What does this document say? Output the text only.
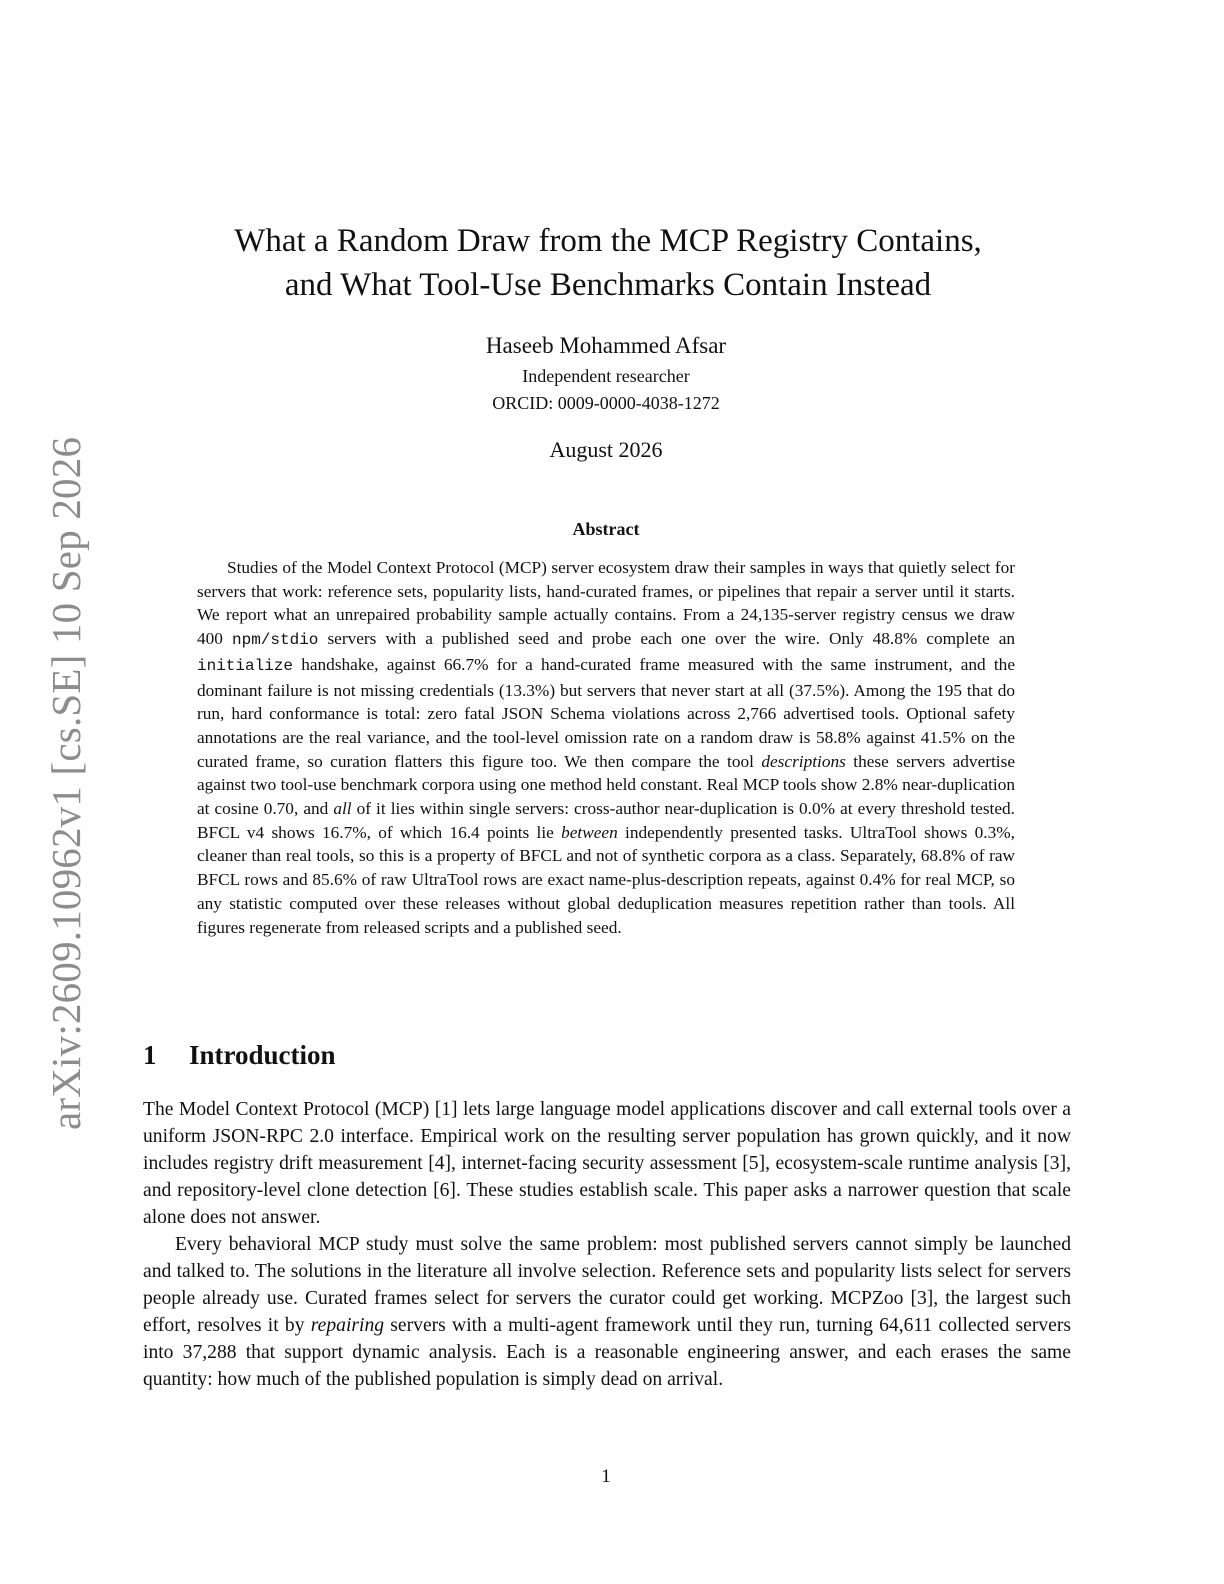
arXiv:2609.10962v1 [cs.SE] 10 Sep 2026
What a Random Draw from the MCP Registry Contains,
and What Tool-Use Benchmarks Contain Instead
Haseeb Mohammed Afsar
Independent researcher
ORCID: 0009-0000-4038-1272
August 2026
Abstract

Studies of the Model Context Protocol (MCP) server ecosystem draw their samples in ways that quietly select for servers that work: reference sets, popularity lists, hand-curated frames, or pipelines that repair a server until it starts. We report what an unrepaired probability sample actually contains. From a 24,135-server registry census we draw 400 npm/stdio servers with a published seed and probe each one over the wire. Only 48.8% complete an initialize handshake, against 66.7% for a hand-curated frame measured with the same instrument, and the dominant failure is not missing credentials (13.3%) but servers that never start at all (37.5%). Among the 195 that do run, hard conformance is total: zero fatal JSON Schema violations across 2,766 advertised tools. Optional safety annotations are the real variance, and the tool-level omission rate on a random draw is 58.8% against 41.5% on the curated frame, so curation flatters this figure too. We then compare the tool descriptions these servers advertise against two tool-use benchmark corpora using one method held constant. Real MCP tools show 2.8% near-duplication at cosine 0.70, and all of it lies within single servers: cross-author near-duplication is 0.0% at every threshold tested. BFCL v4 shows 16.7%, of which 16.4 points lie between independently presented tasks. UltraTool shows 0.3%, cleaner than real tools, so this is a property of BFCL and not of synthetic corpora as a class. Separately, 68.8% of raw BFCL rows and 85.6% of raw UltraTool rows are exact name-plus-description repeats, against 0.4% for real MCP, so any statistic computed over these releases without global deduplication measures repetition rather than tools. All figures regenerate from released scripts and a published seed.

1 Introduction

The Model Context Protocol (MCP) [1] lets large language model applications discover and call external tools over a uniform JSON-RPC 2.0 interface. Empirical work on the resulting server population has grown quickly, and it now includes registry drift measurement [4], internet-facing security assessment [5], ecosystem-scale runtime analysis [3], and repository-level clone detection [6]. These studies establish scale. This paper asks a narrower question that scale alone does not answer.

Every behavioral MCP study must solve the same problem: most published servers cannot simply be launched and talked to. The solutions in the literature all involve selection. Reference sets and popularity lists select for servers people already use. Curated frames select for servers the curator could get working. MCPZoo [3], the largest such effort, resolves it by repairing servers with a multi-agent framework until they run, turning 64,611 collected servers into 37,288 that support dynamic analysis. Each is a reasonable engineering answer, and each erases the same quantity: how much of the published population is simply dead on arrival.

1
